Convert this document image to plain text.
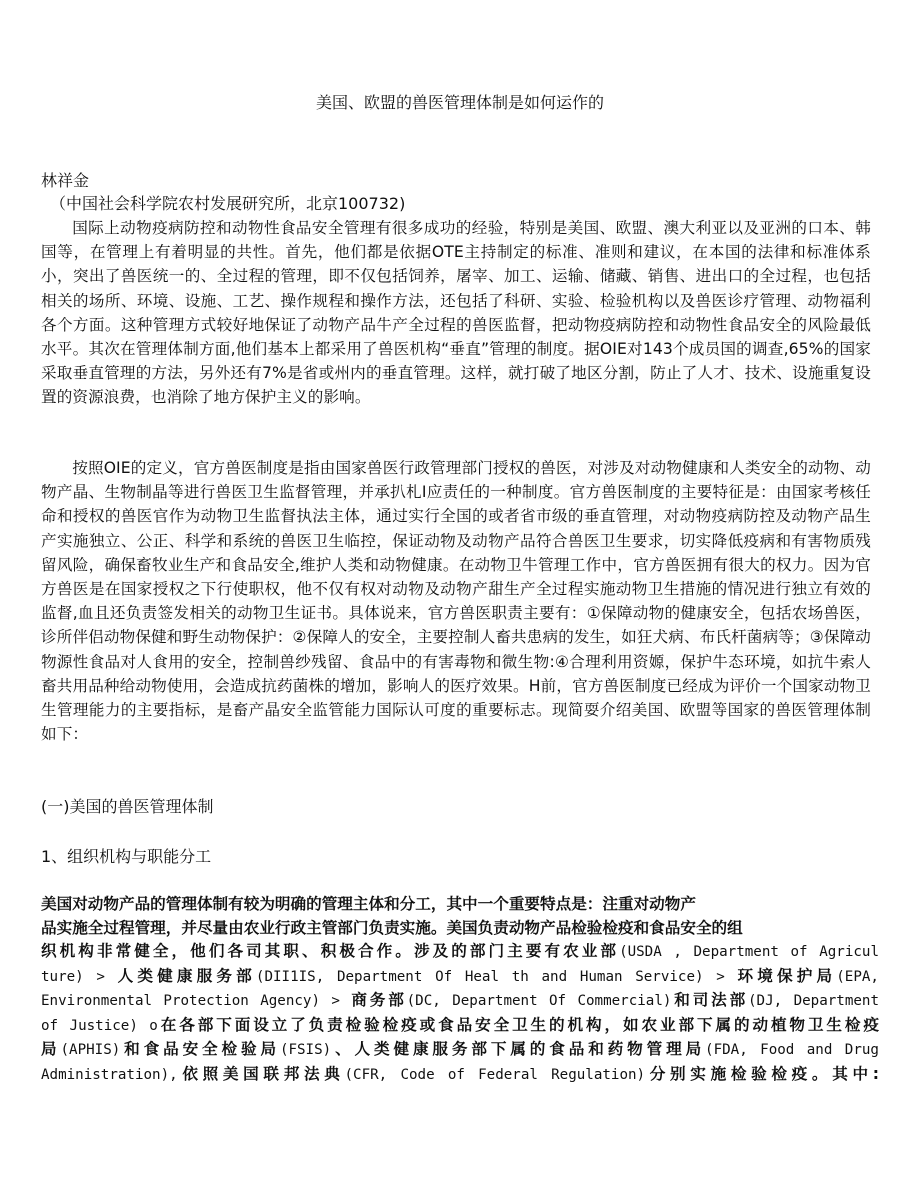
美国、欧盟的兽医管理体制是如何运作的
林祥金
（中国社会科学院农村发展研究所，北京100732)

国际上动物疫病防控和动物性食品安全管理有很多成功的经验，特别是美国、欧盟、澳大利亚以及亚洲的口本、韩国等，在管理上有着明显的共性。首先，他们都是依据OTE主持制定的标准、准则和建议，在本国的法律和标准体系小，突出了兽医统一的、全过程的管理，即不仅包括饲养，屠宰、加工、运输、储藏、销售、进出口的全过程，也包括相关的场所、环境、设施、工艺、操作规程和操作方法，还包括了科研、实验、检验机构以及兽医诊疗管理、动物福利各个方面。这种管理方式较好地保证了动物产品牛产全过程的兽医监督，把动物疫病防控和动物性食品安全的风险最低水平。其次在管理体制方面,他们基本上都采用了兽医机构“垂直”管理的制度。据OIE对143个成员国的调查,65%的国家采取垂直管理的方法，另外还有7%是省或州内的垂直管理。这样，就打破了地区分割，防止了人才、技术、设施重复设置的资源浪费，也消除了地方保护主义的影响。

按照OIE的定义，官方兽医制度是指由国家兽医行政管理部门授权的兽医，对涉及对动物健康和人类安全的动物、动物产晶、生物制晶等进行兽医卫生监督管理，并承扒札I应责任的一种制度。官方兽医制度的主要特征是：由国家考核任命和授权的兽医官作为动物卫生监督执法主体，通过实行全国的或者省市级的垂直管理，对动物疫病防控及动物产品生产实施独立、公正、科学和系统的兽医卫生临控，保证动物及动物产品符合兽医卫生要求，切实降低疫病和有害物质残留风险，确保畜牧业生产和食品安全,维护人类和动物健康。在动物卫牛管理工作中，官方兽医拥有很大的权力。因为官方兽医是在国家授权之下行使职权，他不仅有权对动物及动物产甜生产全过程实施动物卫生措施的情况进行独立有效的监督,血且还负责签发相关的动物卫生证书。具体说来，官方兽医职责主要有：①保障动物的健康安全，包括农场兽医，诊所伴侣动物保健和野生动物保护：②保障人的安全，主要控制人畜共患病的发生，如狂犬病、布氏杆菌病等；③保障动物源性食品对人食用的安全，控制兽纱残留、食品中的有害毒物和微生物:④合理利用资嫄，保护牛态环境，如抗牛索人畜共用品种给动物使用，会造成抗药菌株的增加，影响人的医疗效果。H前，官方兽医制度已经成为评价一个国家动物卫生管理能力的主要指标，是畜产晶安全监管能力国际认可度的重要标志。现简耍介绍美国、欧盟等国家的兽医管理体制如下：

(一)美国的兽医管理体制
1、组织机构与职能分工
美国对动物产品的管理体制有较为明确的管理主体和分工，其中一个重要特点是：注重对动物产
品实施全过程管理，并尽量由农业行政主管部门负责实施。美国负责动物产品检验检疫和食品安全的组
织机构非常健全，他们各司其职、积极合作。涉及的部门主要有农业部(USDA , Department of Agricul
ture) > 人类健康服务部(DII1IS, Department Of Heal th and Human Service) > 环境保护局(EPA,
Environmental Protection Agency) > 商务部(DC, Department Of Commercial)和司法部(DJ, Department
of Justice) o在各部下面设立了负责检验检疫或食品安全卫生的机构，如农业部下属的动植物卫生检疫
局(APHIS)和食品安全检验局(FSIS)、人类健康服务部下属的食品和药物管理局(FDA, Food and Drug
Administration),依照美国联邦法典(CFR, Code of Federal Regulation)分别实施检验检疫。其中:
